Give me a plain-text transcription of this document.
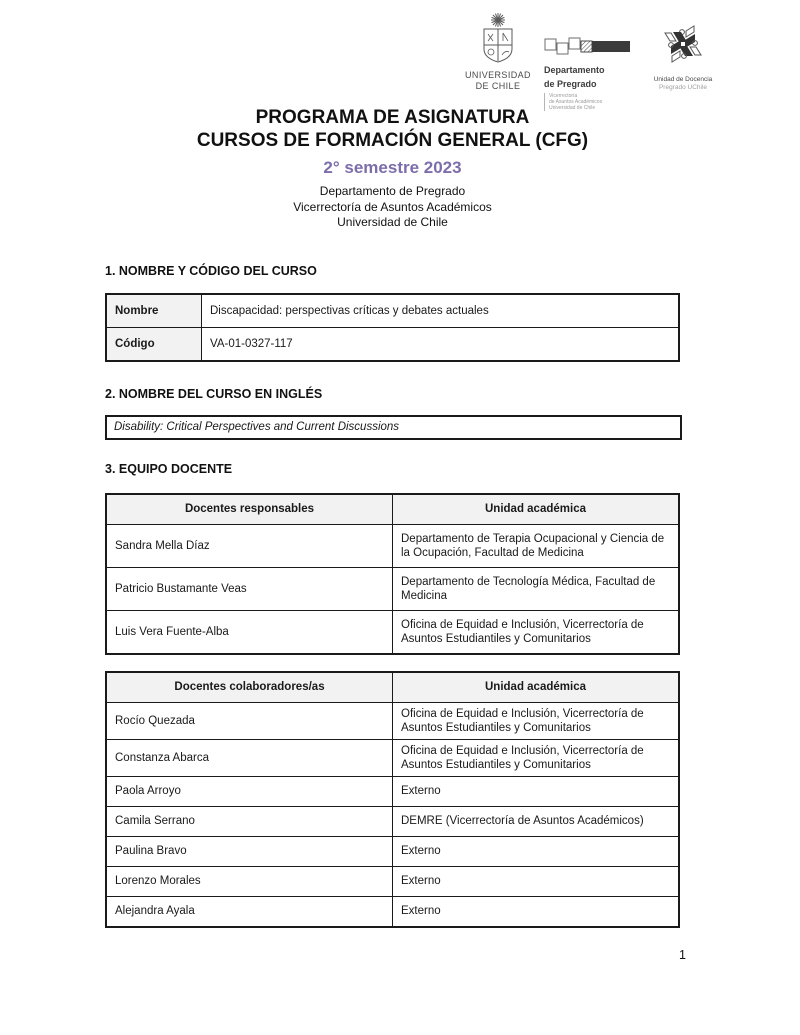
UNIVERSIDAD
DE CHILE
Departamento
de Pregrado
Vicerrectoría
de Asuntos Académicos
Universidad de Chile
Unidad de Docencia
Pregrado UChile
PROGRAMA DE ASIGNATURA
CURSOS DE FORMACIÓN GENERAL (CFG)
2° semestre 2023
Departamento de Pregrado
Vicerrectoría de Asuntos Académicos
Universidad de Chile
1. NOMBRE Y CÓDIGO DEL CURSO
Nombre	Discapacidad: perspectivas críticas y debates actuales
Código	VA-01-0327-117
2. NOMBRE DEL CURSO EN INGLÉS
Disability: Critical Perspectives and Current Discussions
3. EQUIPO DOCENTE
Docentes responsables	Unidad académica
Sandra Mella Díaz	Departamento de Terapia Ocupacional y Ciencia de la Ocupación, Facultad de Medicina
Patricio Bustamante Veas	Departamento de Tecnología Médica, Facultad de Medicina
Luis Vera Fuente-Alba	Oficina de Equidad e Inclusión, Vicerrectoría de Asuntos Estudiantiles y Comunitarios
Docentes colaboradores/as	Unidad académica
Rocío Quezada	Oficina de Equidad e Inclusión, Vicerrectoría de Asuntos Estudiantiles y Comunitarios
Constanza Abarca	Oficina de Equidad e Inclusión, Vicerrectoría de Asuntos Estudiantiles y Comunitarios
Paola Arroyo	Externo
Camila Serrano	DEMRE (Vicerrectoría de Asuntos Académicos)
Paulina Bravo	Externo
Lorenzo Morales	Externo
Alejandra Ayala	Externo
1
